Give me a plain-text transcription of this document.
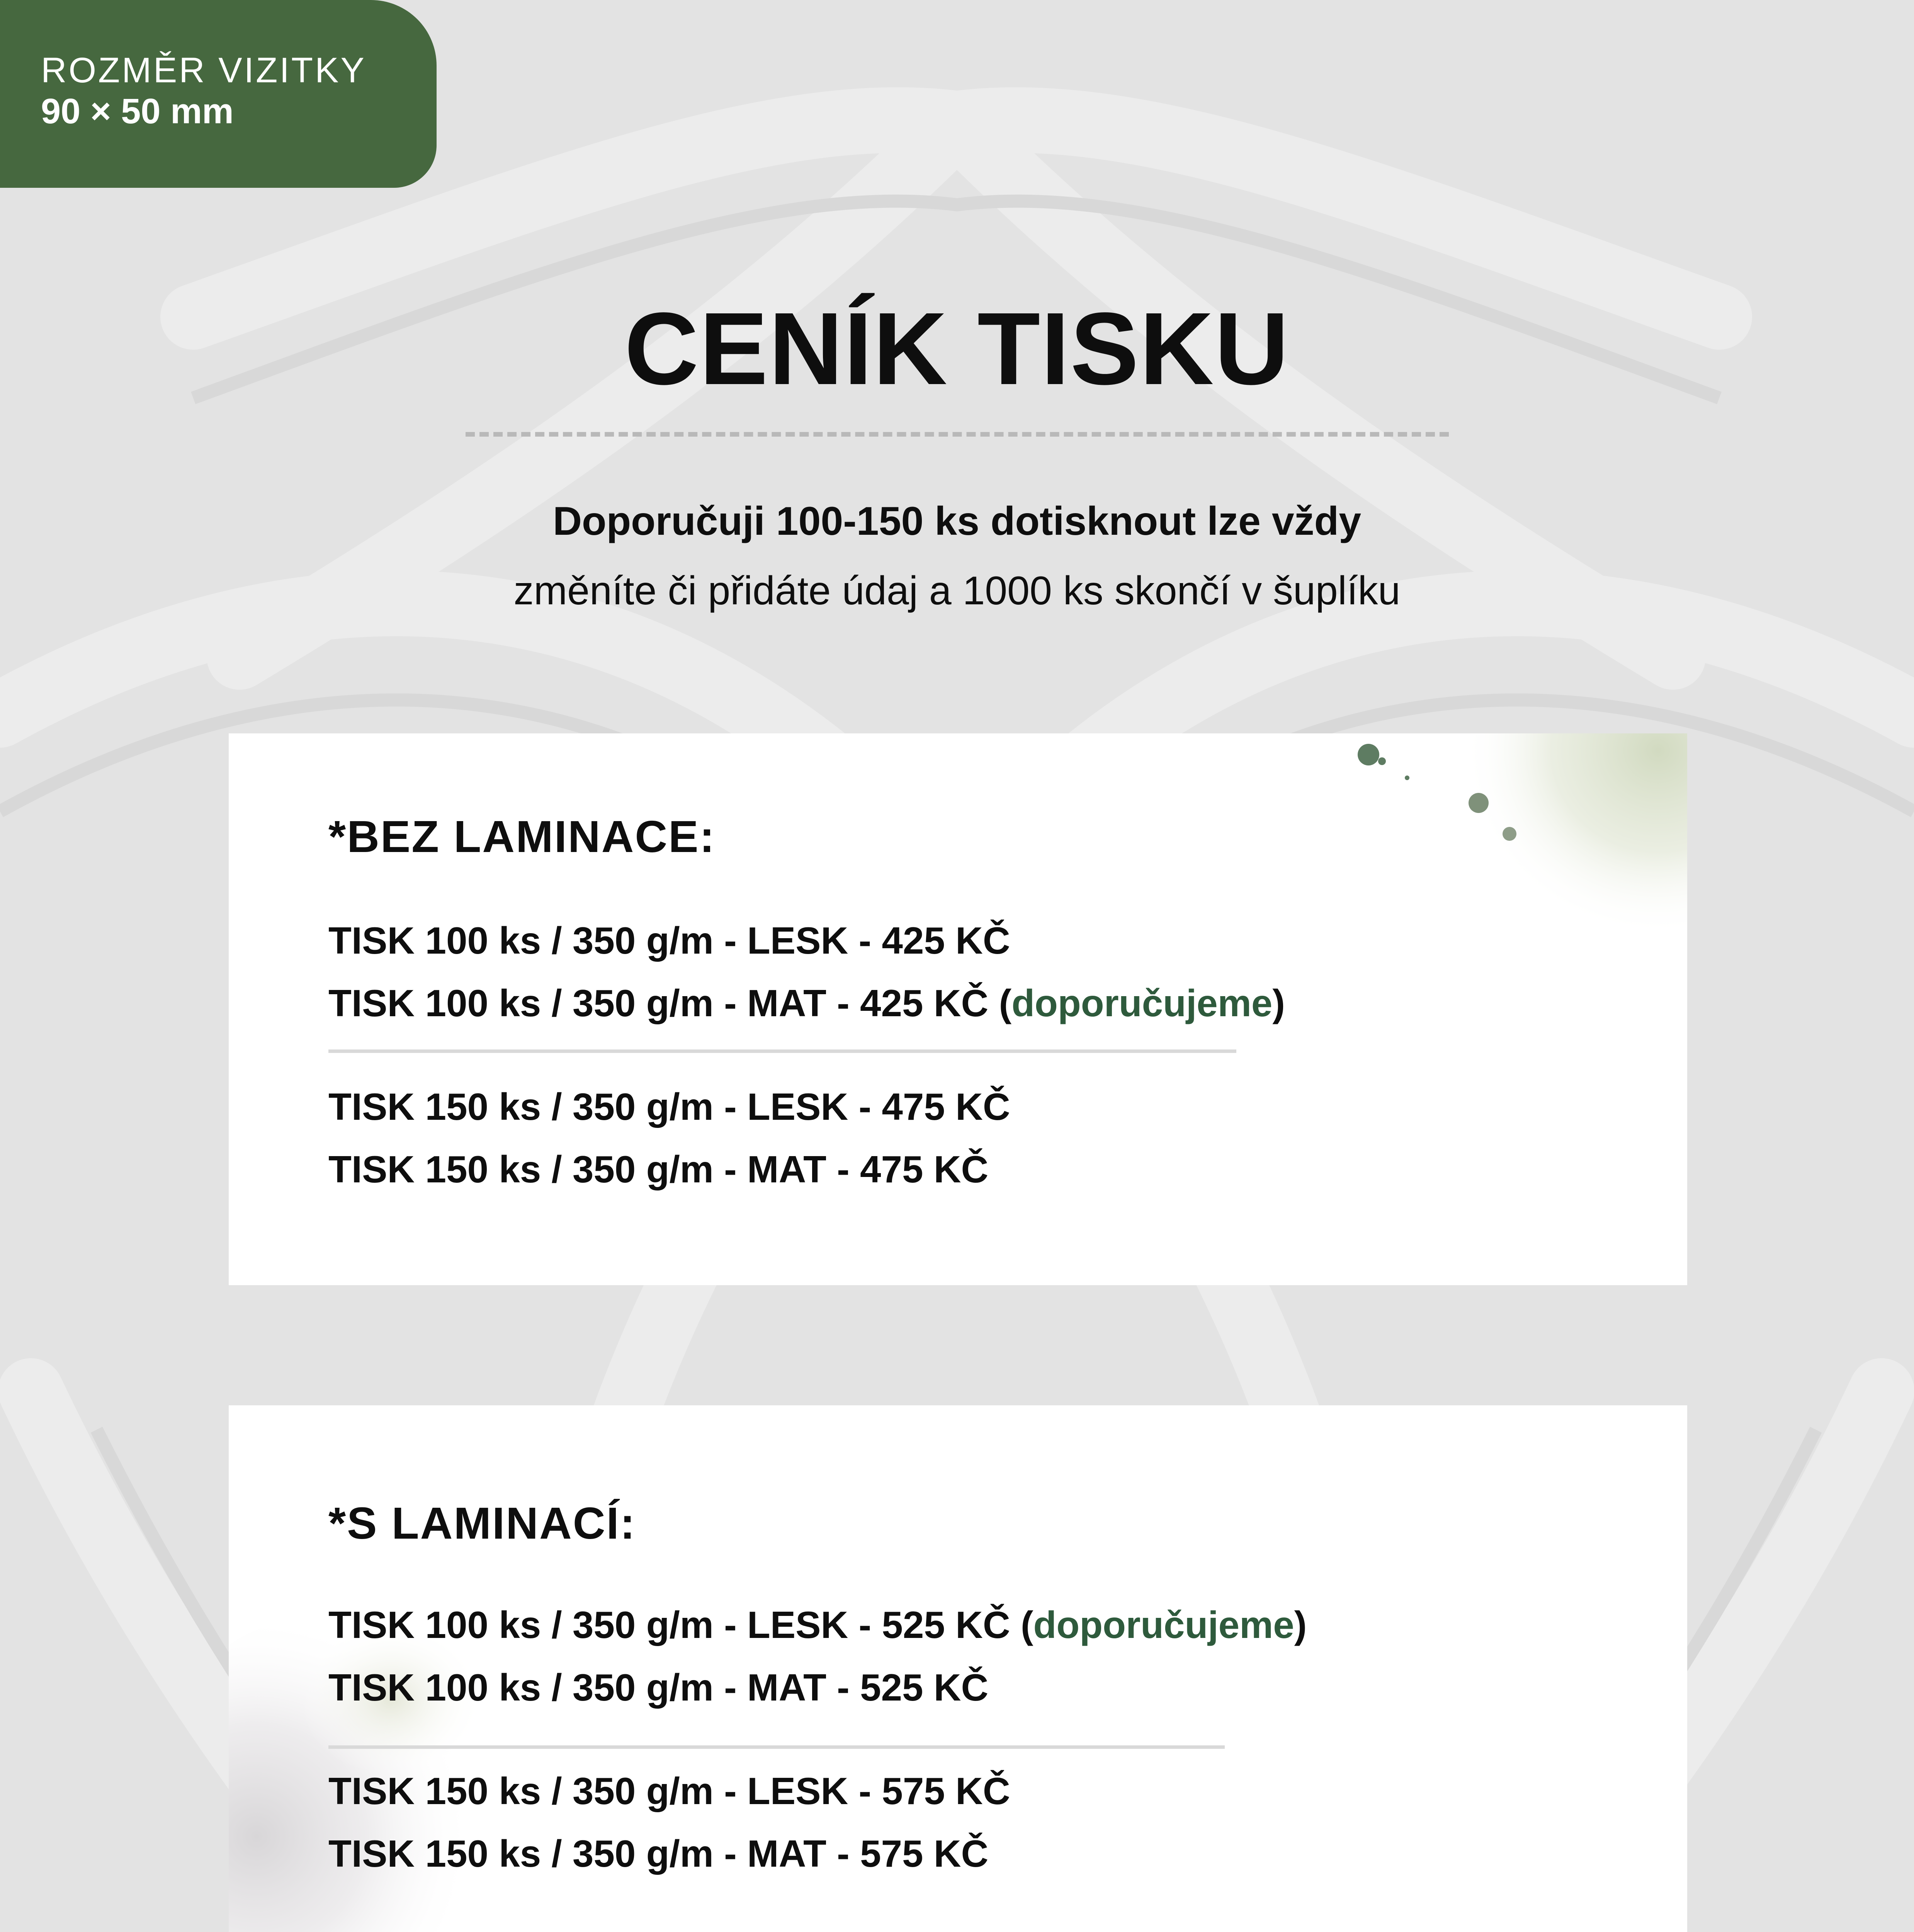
ROZMĚR VIZITKY
90 × 50 mm
CENÍK TISKU
Doporučuji 100-150 ks dotisknout lze vždy
změníte či přidáte údaj a 1000 ks skončí v šuplíku
*BEZ LAMINACE:
TISK 100 ks / 350 g/m - LESK - 425 KČ
TISK 100 ks / 350 g/m - MAT - 425 KČ (doporučujeme)
TISK 150 ks / 350 g/m - LESK - 475 KČ
TISK 150 ks / 350 g/m - MAT - 475 KČ
*S LAMINACÍ:
TISK 100 ks / 350 g/m - LESK - 525 KČ (doporučujeme)
TISK 100 ks / 350 g/m - MAT - 525 KČ
TISK 150 ks / 350 g/m - LESK - 575 KČ
TISK 150 ks / 350 g/m - MAT - 575 KČ
